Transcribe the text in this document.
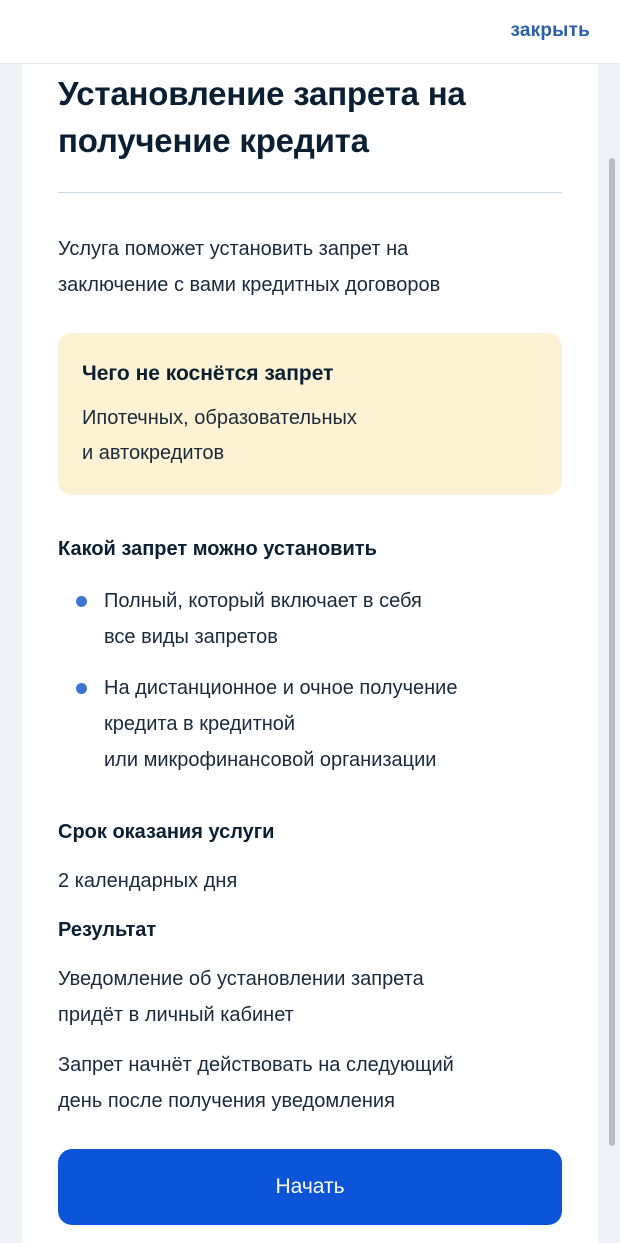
закрыть
Установление запрета на
получение кредита

Услуга поможет установить запрет на
заключение с вами кредитных договоров

Чего не коснётся запрет
Ипотечных, образовательных
и автокредитов
Какой запрет можно установить
Полный, который включает в себя
все виды запретов
На дистанционное и очное получение
кредита в кредитной
или микрофинансовой организации
Срок оказания услуги
2 календарных дня
Результат

Уведомление об установлении запрета
придёт в личный кабинет

Запрет начнёт действовать на следующий
день после получения уведомления

Начать
